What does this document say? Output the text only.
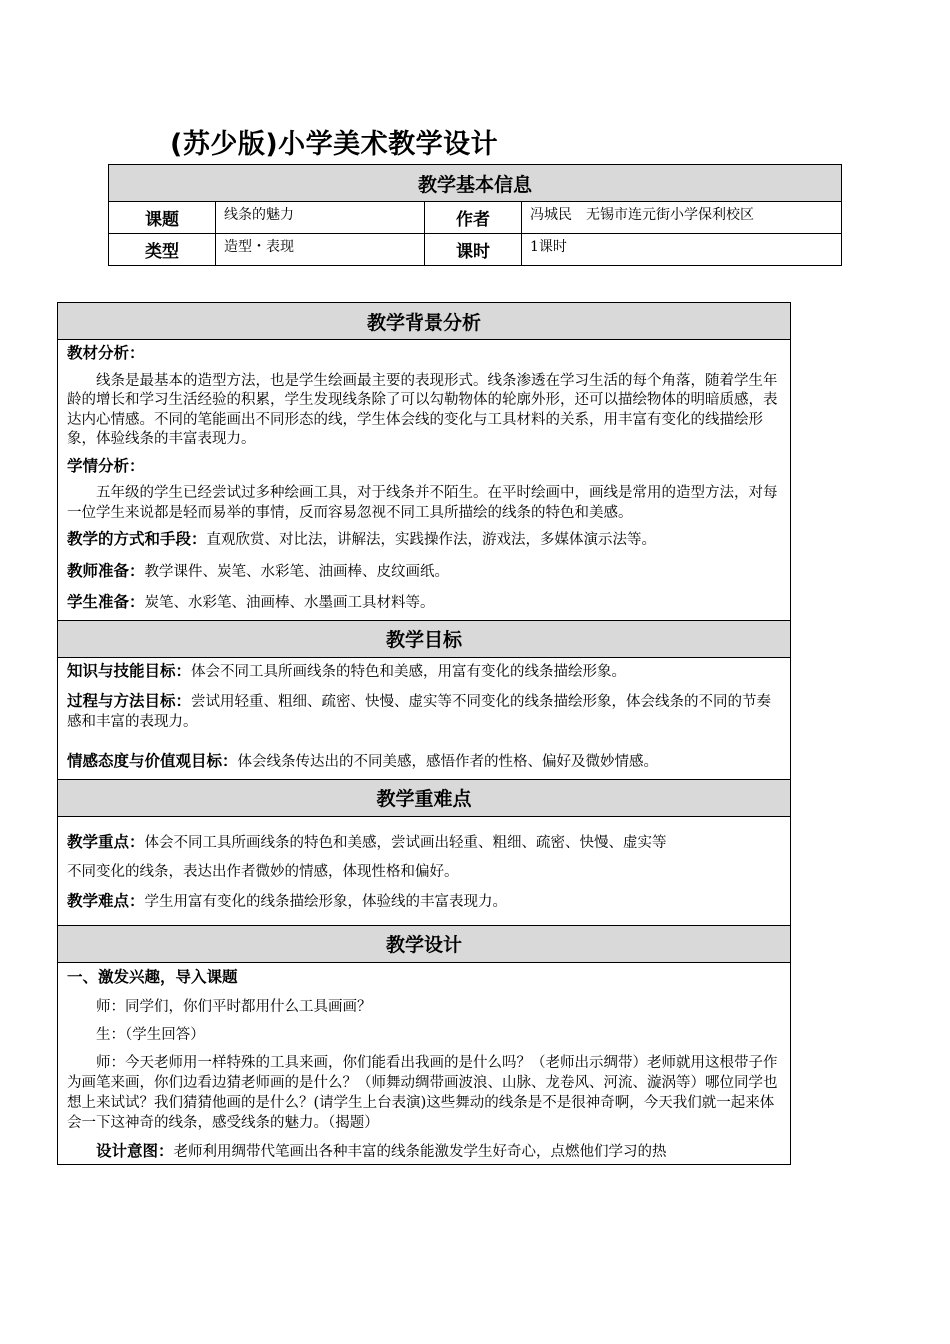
(苏少版)小学美术教学设计
教学基本信息			
课题	线条的魅力	作者	冯城民　无锡市连元街小学保利校区
类型	造型・表现	课时	1课时
教学背景分析

教材分析：

线条是最基本的造型方法，也是学生绘画最主要的表现形式。线条渗透在学习生活的每个角落，随着学生年龄的增长和学习生活经验的积累，学生发现线条除了可以勾勒物体的轮廓外形，还可以描绘物体的明暗质感，表达内心情感。不同的笔能画出不同形态的线，学生体会线的变化与工具材料的关系，用丰富有变化的线描绘形象，体验线条的丰富表现力。

学情分析：

五年级的学生已经尝试过多种绘画工具，对于线条并不陌生。在平时绘画中，画线是常用的造型方法，对每一位学生来说都是轻而易举的事情，反而容易忽视不同工具所描绘的线条的特色和美感。

教学的方式和手段：直观欣赏、对比法，讲解法，实践操作法，游戏法，多媒体演示法等。

教师准备：教学课件、炭笔、水彩笔、油画棒、皮纹画纸。

学生准备：炭笔、水彩笔、油画棒、水墨画工具材料等。

教学目标

知识与技能目标：体会不同工具所画线条的特色和美感，用富有变化的线条描绘形象。

过程与方法目标：尝试用轻重、粗细、疏密、快慢、虚实等不同变化的线条描绘形象，体会线条的不同的节奏感和丰富的表现力。

情感态度与价值观目标：体会线条传达出的不同美感，感悟作者的性格、偏好及微妙情感。

教学重难点

教学重点：体会不同工具所画线条的特色和美感，尝试画出轻重、粗细、疏密、快慢、虚实等

不同变化的线条，表达出作者微妙的情感，体现性格和偏好。

教学难点：学生用富有变化的线条描绘形象，体验线的丰富表现力。

教学设计

一、激发兴趣，导入课题

师：同学们，你们平时都用什么工具画画？

生：（学生回答）

师：今天老师用一样特殊的工具来画，你们能看出我画的是什么吗？（老师出示绸带）老师就用这根带子作为画笔来画，你们边看边猜老师画的是什么？（师舞动绸带画波浪、山脉、龙卷风、河流、漩涡等）哪位同学也想上来试试？我们猜猜他画的是什么？(请学生上台表演)这些舞动的线条是不是很神奇啊，今天我们就一起来体会一下这神奇的线条，感受线条的魅力。（揭题）

设计意图：老师利用绸带代笔画出各种丰富的线条能激发学生好奇心，点燃他们学习的热
